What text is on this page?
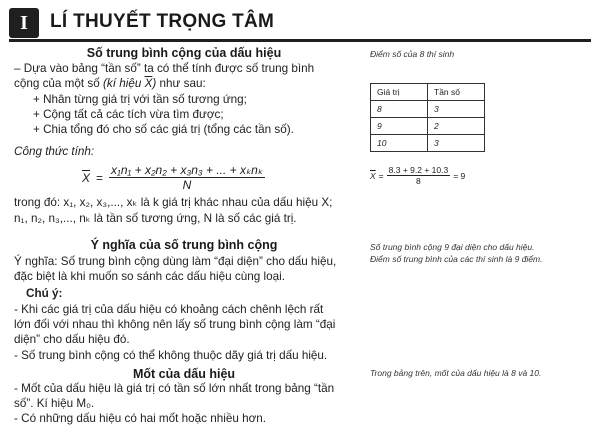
I LÍ THUYẾT TRỌNG TÂM
Số trung bình cộng của dấu hiệu
– Dựa vào bảng “tần số” ta có thể tính được số trung bình
cộng của một số (kí hiệu $\overline{X}$) như sau:
+ Nhân từng giá trị với tần số tương ứng;
+ Cộng tất cả các tích vừa tìm được;
+ Chia tổng đó cho số các giá trị (tổng các tần số).
Công thức tính:
$\overline{X} = \frac{\text{x₁n₁ + x₂n₂ + x₃n₃ + ... + xₖnₖ}}{N}$
trong đó: x₁, x₂, x₃,..., xₖ là k giá trị khác nhau của dấu hiệu X;
n₁, n₂, n₃,..., nₖ là tần số tương ứng, N là số các giá trị.
Ý nghĩa của số trung bình cộng
Ý nghĩa: Số trung bình cộng dùng làm “đại diện” cho dấu hiệu,
đặc biệt là khi muốn so sánh các dấu hiệu cùng loại.
Chú ý:
- Khi các giá trị của dấu hiệu có khoảng cách chênh lệch rất
lớn đối với nhau thì không nên lấy số trung bình cộng làm “đại
diện” cho dấu hiệu đó.
- Số trung bình cộng có thể không thuộc dãy giá trị dấu hiệu.
Mốt của dấu hiệu
- Mốt của dấu hiệu là giá trị có tần số lớn nhất trong bảng “tần
số”. Kí hiệu M₀.
- Có những dấu hiệu có hai mốt hoặc nhiều hơn.
Điểm số của 8 thí sinh
Giá trị	Tần số
8	3
9	2
10	3
$\overline{X} = \frac{8.3 + 9.2 + 10.3}{8} = 9$
Số trung bình cộng 9 đại diện cho dấu hiệu.
Điểm số trung bình của các thí sinh là 9 điểm.
Trong bảng trên, mốt của dấu hiệu là 8 và 10.
